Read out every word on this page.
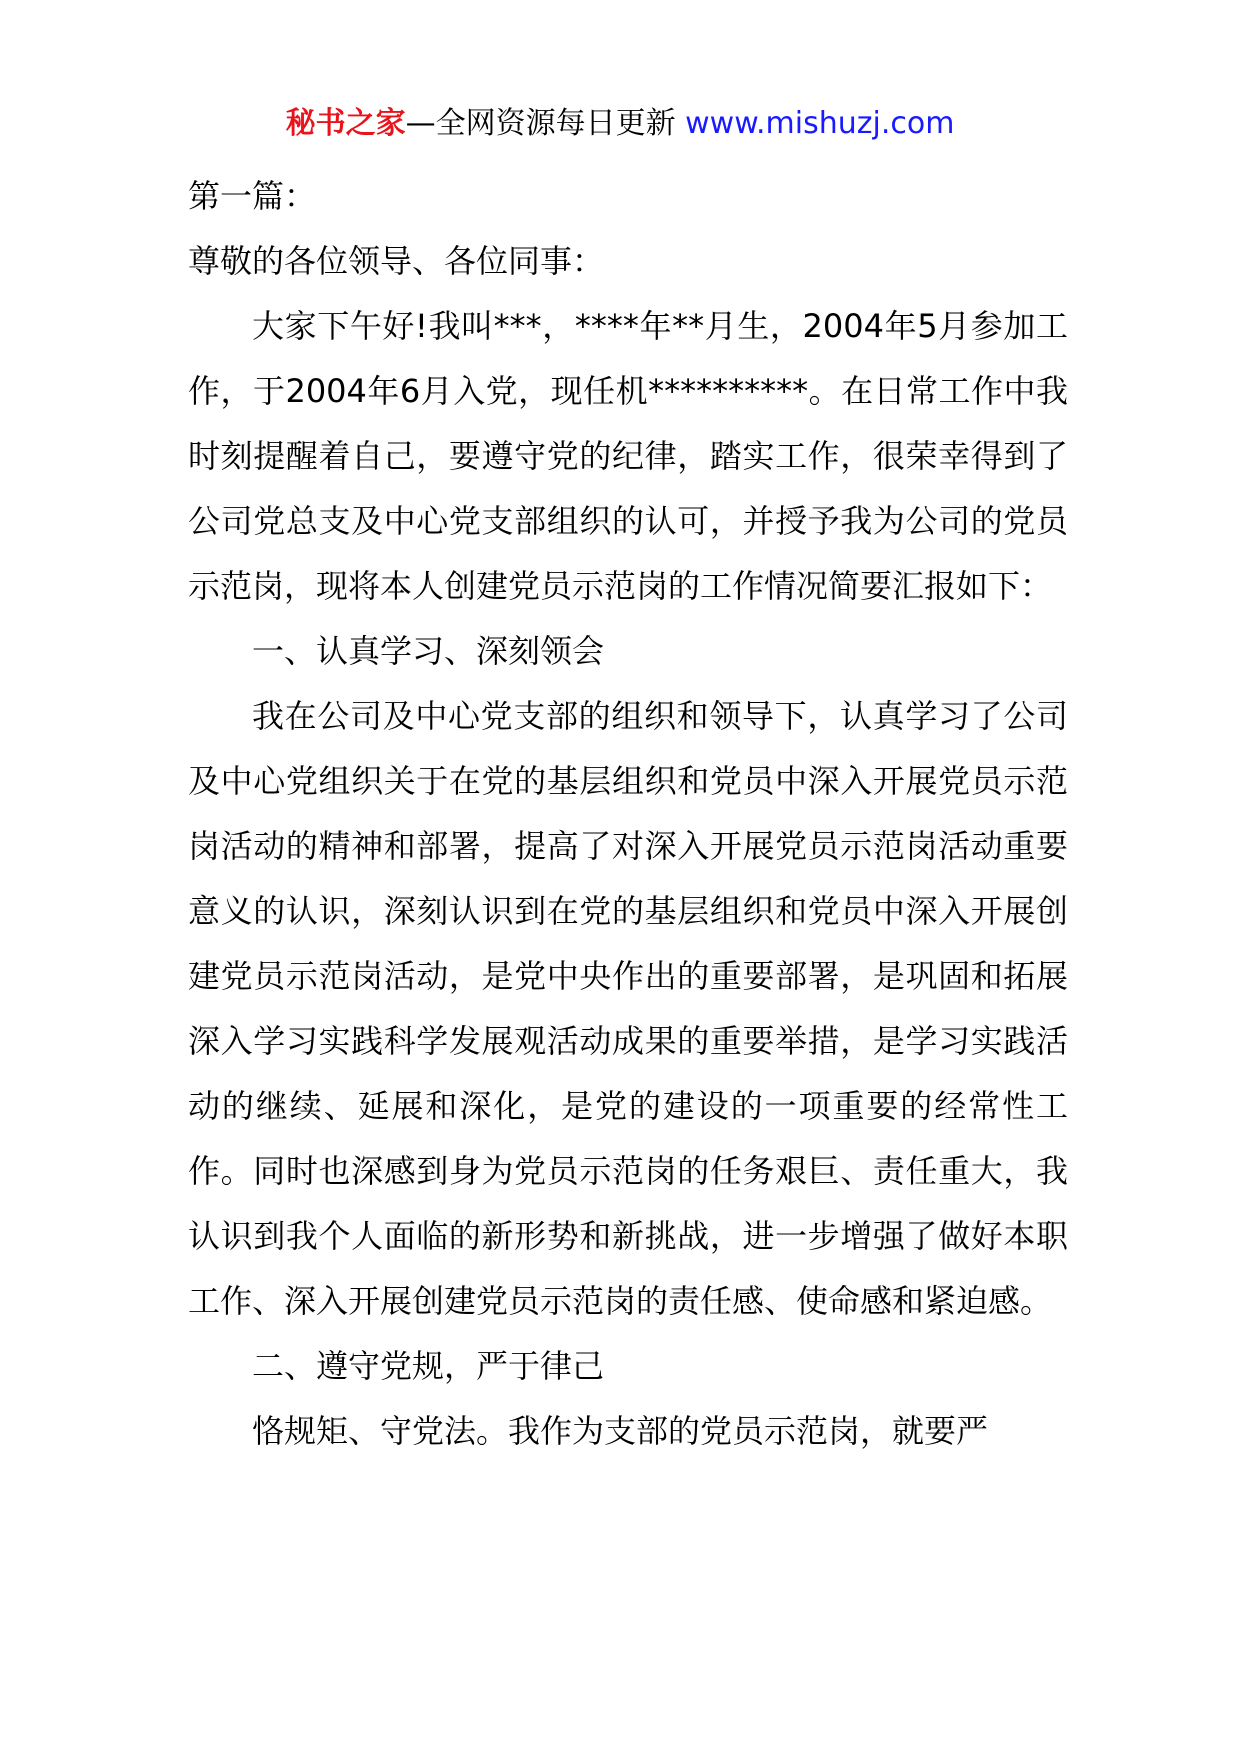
秘书之家—全网资源每日更新 www.mishuzj.com

第一篇：

尊敬的各位领导、各位同事：

大家下午好!我叫***，****年**月生，2004年5月参加工作，于2004年6月入党，现任机**********。在日常工作中我时刻提醒着自己，要遵守党的纪律，踏实工作，很荣幸得到了公司党总支及中心党支部组织的认可，并授予我为公司的党员示范岗，现将本人创建党员示范岗的工作情况简要汇报如下：

一、认真学习、深刻领会

我在公司及中心党支部的组织和领导下，认真学习了公司及中心党组织关于在党的基层组织和党员中深入开展党员示范岗活动的精神和部署，提高了对深入开展党员示范岗活动重要意义的认识，深刻认识到在党的基层组织和党员中深入开展创建党员示范岗活动，是党中央作出的重要部署，是巩固和拓展深入学习实践科学发展观活动成果的重要举措，是学习实践活动的继续、延展和深化，是党的建设的一项重要的经常性工作。同时也深感到身为党员示范岗的任务艰巨、责任重大，我认识到我个人面临的新形势和新挑战，进一步增强了做好本职工作、深入开展创建党员示范岗的责任感、使命感和紧迫感。

二、遵守党规，严于律己

恪规矩、守党法。我作为支部的党员示范岗，就要严
